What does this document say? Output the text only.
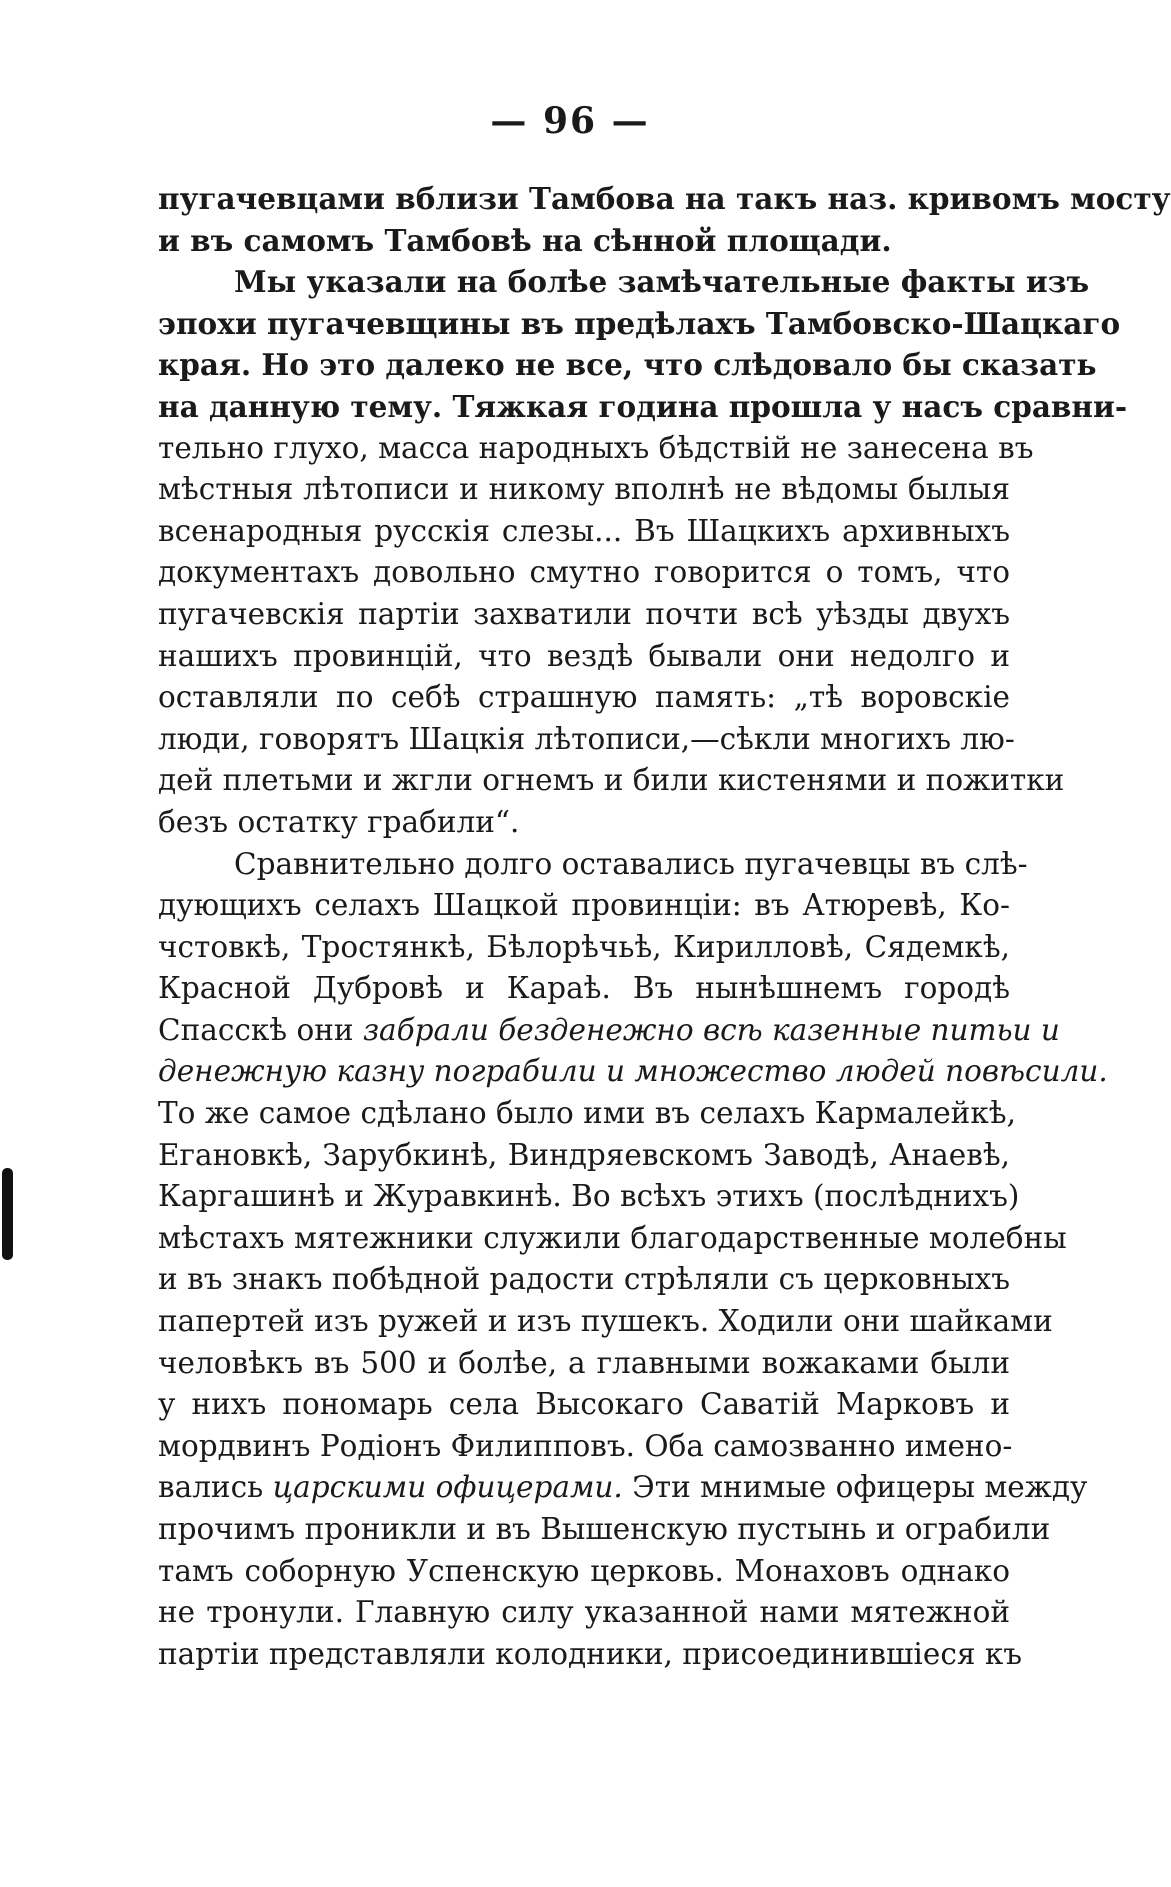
— 96 —
пугачевцами вблизи Тамбова на такъ наз. кривомъ мосту
и въ самомъ Тамбовѣ на сѣнной площади.
Мы указали на болѣе замѣчательные факты изъ
эпохи пугачевщины въ предѣлахъ Тамбовско-Шацкаго
края. Но это далеко не все, что слѣдовало бы сказать
на данную тему. Тяжкая година прошла у насъ сравни-
тельно глухо, масса народныхъ бѣдствій не занесена въ
мѣстныя лѣтописи и никому вполнѣ не вѣдомы былыя
всенародныя русскія слезы... Въ Шацкихъ архивныхъ
документахъ довольно смутно говорится о томъ, что
пугачевскія партіи захватили почти всѣ уѣзды двухъ
нашихъ провинцій, что вездѣ бывали они недолго и
оставляли по себѣ страшную память: „тѣ воровскіе
люди, говорятъ Шацкія лѣтописи,—сѣкли многихъ лю-
дей плетьми и жгли огнемъ и били кистенями и пожитки
безъ остатку грабили“.
Сравнительно долго оставались пугачевцы въ слѣ-
дующихъ селахъ Шацкой провинціи: въ Атюревѣ, Ко-
чстовкѣ, Тростянкѣ, Бѣлорѣчьѣ, Кирилловѣ, Сядемкѣ,
Красной Дубровѣ и Караѣ. Въ нынѣшнемъ городѣ
Спасскѣ они забрали безденежно всѣ казенные питьи и
денежную казну пограбили и множество людей повѣсили.
То же самое сдѣлано было ими въ селахъ Кармалейкѣ,
Егановкѣ, Зарубкинѣ, Виндряевскомъ Заводѣ, Анаевѣ,
Каргашинѣ и Журавкинѣ. Во всѣхъ этихъ (послѣднихъ)
мѣстахъ мятежники служили благодарственные молебны
и въ знакъ побѣдной радости стрѣляли съ церковныхъ
папертей изъ ружей и изъ пушекъ. Ходили они шайками
человѣкъ въ 500 и болѣе, а главными вожаками были
у нихъ пономарь села Высокаго Саватій Марковъ и
мордвинъ Родіонъ Филипповъ. Оба самозванно имено-
вались царскими офицерами. Эти мнимые офицеры между
прочимъ проникли и въ Вышенскую пустынь и ограбили
тамъ соборную Успенскую церковь. Монаховъ однако
не тронули. Главную силу указанной нами мятежной
партіи представляли колодники, присоединившіеся къ
